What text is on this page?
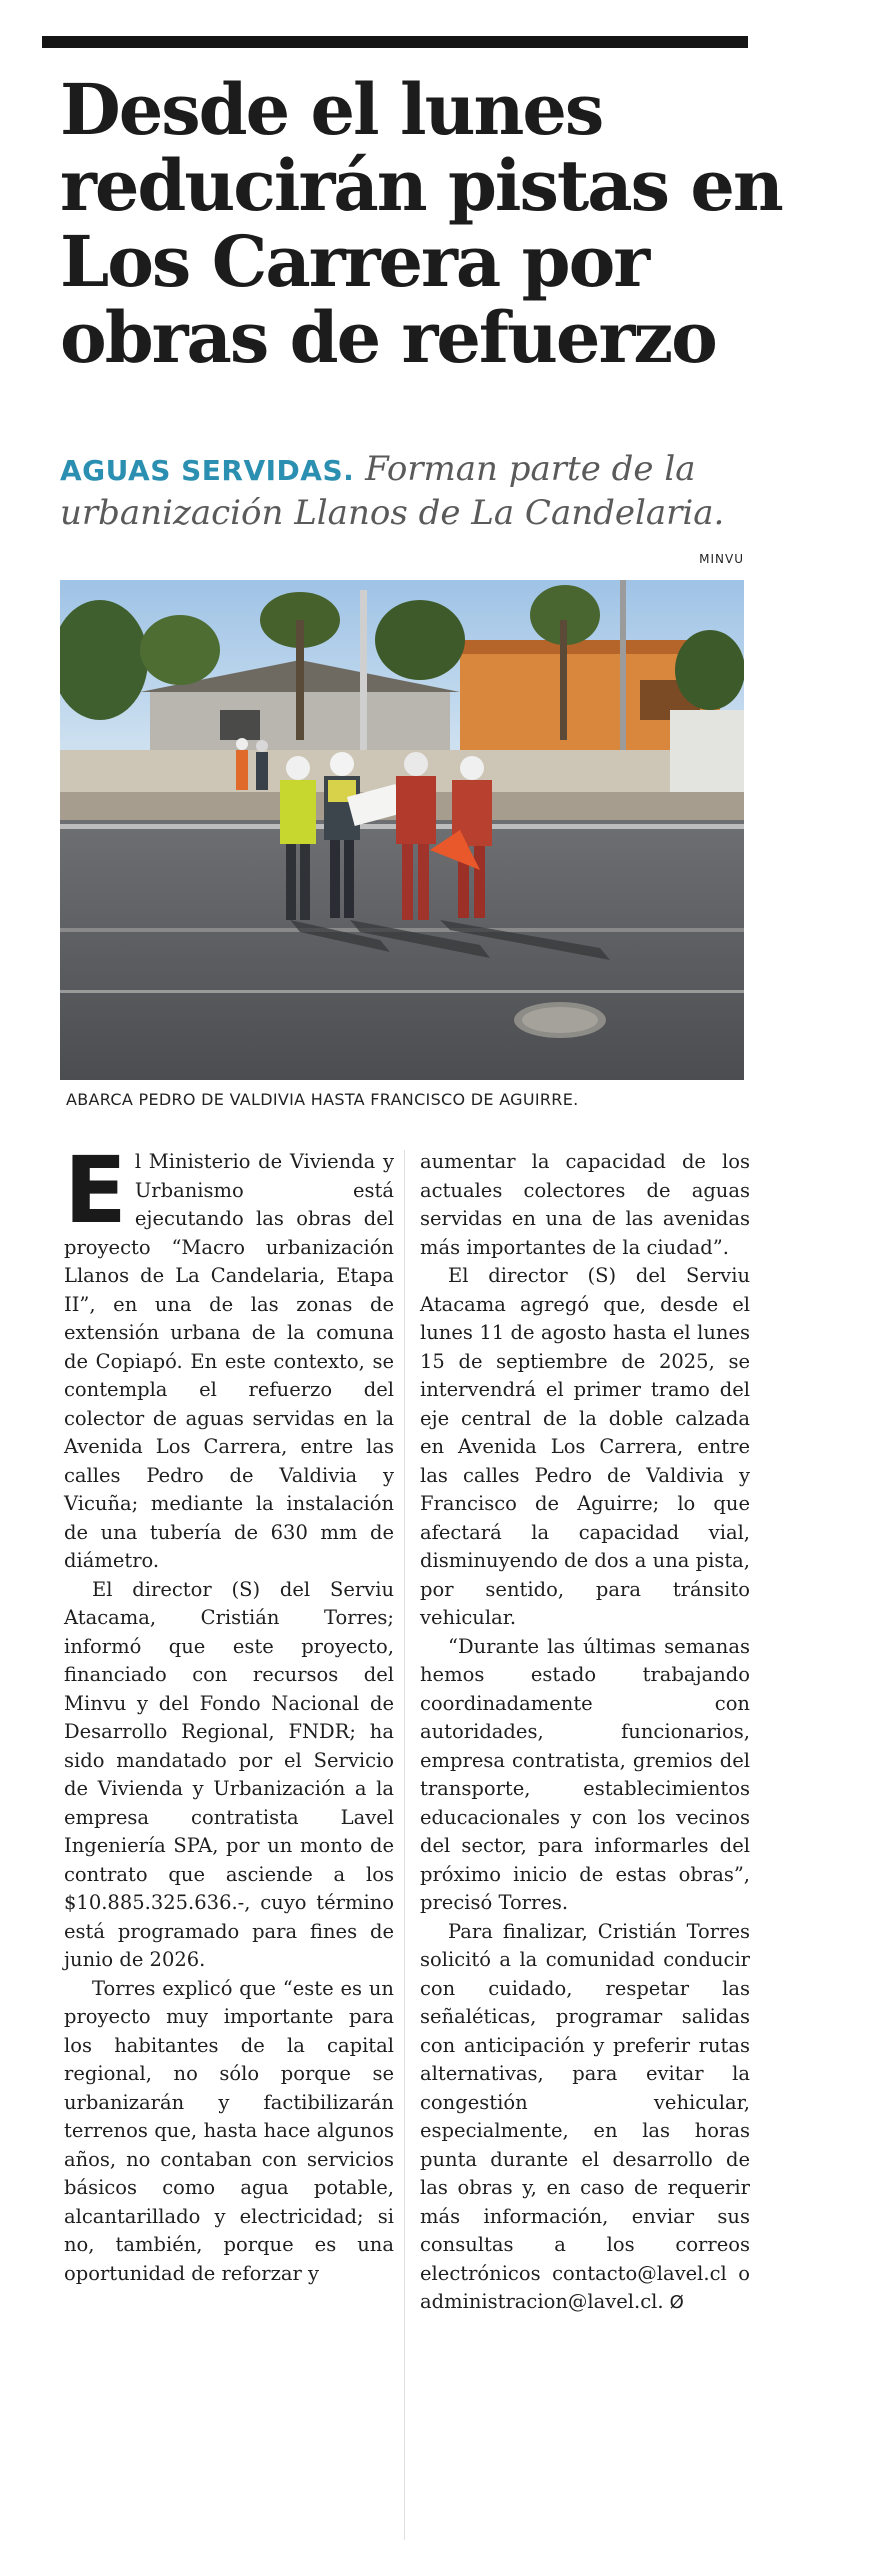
Desde el lunes
reducirán pistas en
Los Carrera por
obras de refuerzo
AGUAS SERVIDAS. Forman parte de la urbanización Llanos de La Candelaria.
MINVU
ABARCA PEDRO DE VALDIVIA HASTA FRANCISCO DE AGUIRRE.
E l Ministerio de Vivienda y Urbanismo está ejecutando las obras del proyecto “Macro urbanización Llanos de La Candelaria, Etapa II”, en una de las zonas de extensión urbana de la comuna de Copiapó. En este contexto, se contempla el refuerzo del colector de aguas servidas en la Avenida Los Carrera, entre las calles Pedro de Valdivia y Vicuña; mediante la instalación de una tubería de 630 mm de diámetro.

El director (S) del Serviu Atacama, Cristián Torres; informó que este proyecto, financiado con recursos del Minvu y del Fondo Nacional de Desarrollo Regional, FNDR; ha sido mandatado por el Servicio de Vivienda y Urbanización a la empresa contratista Lavel Ingeniería SPA, por un monto de contrato que asciende a los $10.885.325.636.-, cuyo término está programado para fines de junio de 2026.

Torres explicó que “este es un proyecto muy importante para los habitantes de la capital regional, no sólo porque se urbanizarán y factibilizarán terrenos que, hasta hace algunos años, no contaban con servicios básicos como agua potable, alcantarillado y electricidad; si no, también, porque es una oportunidad de reforzar y

aumentar la capacidad de los actuales colectores de aguas servidas en una de las avenidas más importantes de la ciudad”.

El director (S) del Serviu Atacama agregó que, desde el lunes 11 de agosto hasta el lunes 15 de septiembre de 2025, se intervendrá el primer tramo del eje central de la doble calzada en Avenida Los Carrera, entre las calles Pedro de Valdivia y Francisco de Aguirre; lo que afectará la capacidad vial, disminuyendo de dos a una pista, por sentido, para tránsito vehicular.

“Durante las últimas semanas hemos estado trabajando coordinadamente con autoridades, funcionarios, empresa contratista, gremios del transporte, establecimientos educacionales y con los vecinos del sector, para informarles del próximo inicio de estas obras”, precisó Torres.

Para finalizar, Cristián Torres solicitó a la comunidad conducir con cuidado, respetar las señaléticas, programar salidas con anticipación y preferir rutas alternativas, para evitar la congestión vehicular, especialmente, en las horas punta durante el desarrollo de las obras y, en caso de requerir más información, enviar sus consultas a los correos electrónicos contacto@lavel.cl o administracion@lavel.cl. Ø
